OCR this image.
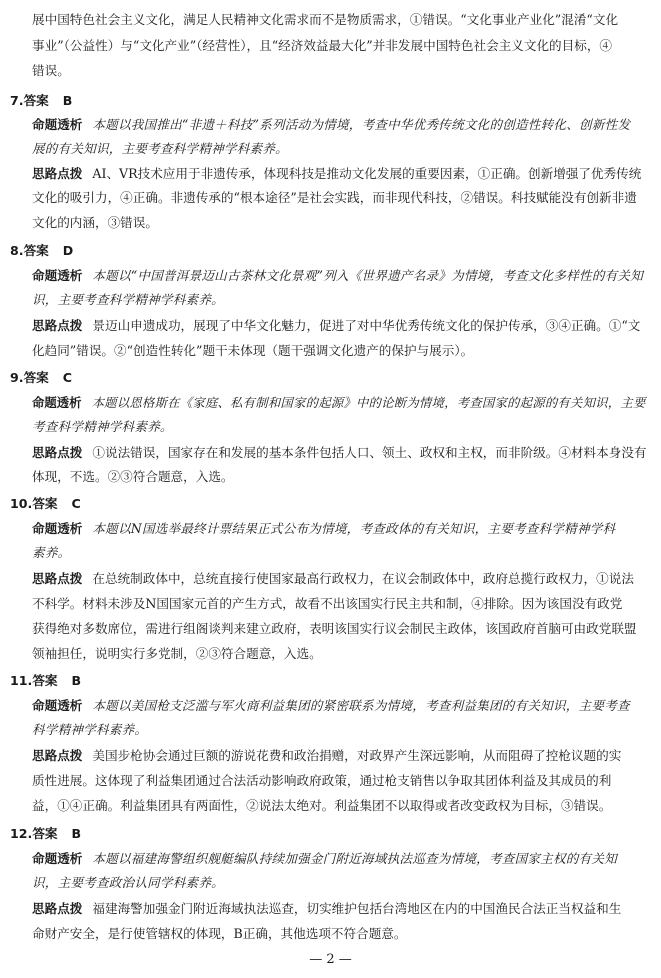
展中国特色社会主义文化，满足人民精神文化需求而不是物质需求，①错误。“文化事业产业化”混淆“文化
事业”（公益性）与“文化产业”（经营性），且“经济效益最大化”并非发展中国特色社会主义文化的目标，④
错误。
7.答案 B
命题透析 本题以我国推出“非遗＋科技”系列活动为情境，考查中华优秀传统文化的创造性转化、创新性发
展的有关知识，主要考查科学精神学科素养。
思路点拨 AI、VR技术应用于非遗传承，体现科技是推动文化发展的重要因素，①正确。创新增强了优秀传统
文化的吸引力，④正确。非遗传承的“根本途径”是社会实践，而非现代科技，②错误。科技赋能没有创新非遗
文化的内涵，③错误。
8.答案 D
命题透析 本题以“中国普洱景迈山古茶林文化景观”列入《世界遗产名录》为情境，考查文化多样性的有关知
识，主要考查科学精神学科素养。
思路点拨 景迈山申遗成功，展现了中华文化魅力，促进了对中华优秀传统文化的保护传承，③④正确。①“文
化趋同”错误。②“创造性转化”题干未体现（题干强调文化遗产的保护与展示）。
9.答案 C
命题透析 本题以恩格斯在《家庭、私有制和国家的起源》中的论断为情境，考查国家的起源的有关知识，主要
考查科学精神学科素养。
思路点拨 ①说法错误，国家存在和发展的基本条件包括人口、领土、政权和主权，而非阶级。④材料本身没有
体现，不选。②③符合题意，入选。
10.答案 C
命题透析 本题以N国选举最终计票结果正式公布为情境，考查政体的有关知识，主要考查科学精神学科
素养。
思路点拨 在总统制政体中，总统直接行使国家最高行政权力，在议会制政体中，政府总揽行政权力，①说法
不科学。材料未涉及N国国家元首的产生方式，故看不出该国实行民主共和制，④排除。因为该国没有政党
获得绝对多数席位，需进行组阁谈判来建立政府，表明该国实行议会制民主政体，该国政府首脑可由政党联盟
领袖担任，说明实行多党制，②③符合题意，入选。
11.答案 B
命题透析 本题以美国枪支泛滥与军火商利益集团的紧密联系为情境，考查利益集团的有关知识，主要考查
科学精神学科素养。
思路点拨 美国步枪协会通过巨额的游说花费和政治捐赠，对政界产生深远影响，从而阻碍了控枪议题的实
质性进展。这体现了利益集团通过合法活动影响政府政策，通过枪支销售以争取其团体利益及其成员的利
益，①④正确。利益集团具有两面性，②说法太绝对。利益集团不以取得或者改变政权为目标，③错误。
12.答案 B
命题透析 本题以福建海警组织舰艇编队持续加强金门附近海域执法巡查为情境，考查国家主权的有关知
识，主要考查政治认同学科素养。
思路点拨 福建海警加强金门附近海域执法巡查，切实维护包括台湾地区在内的中国渔民合法正当权益和生
命财产安全，是行使管辖权的体现，B正确，其他选项不符合题意。
— 2 —
